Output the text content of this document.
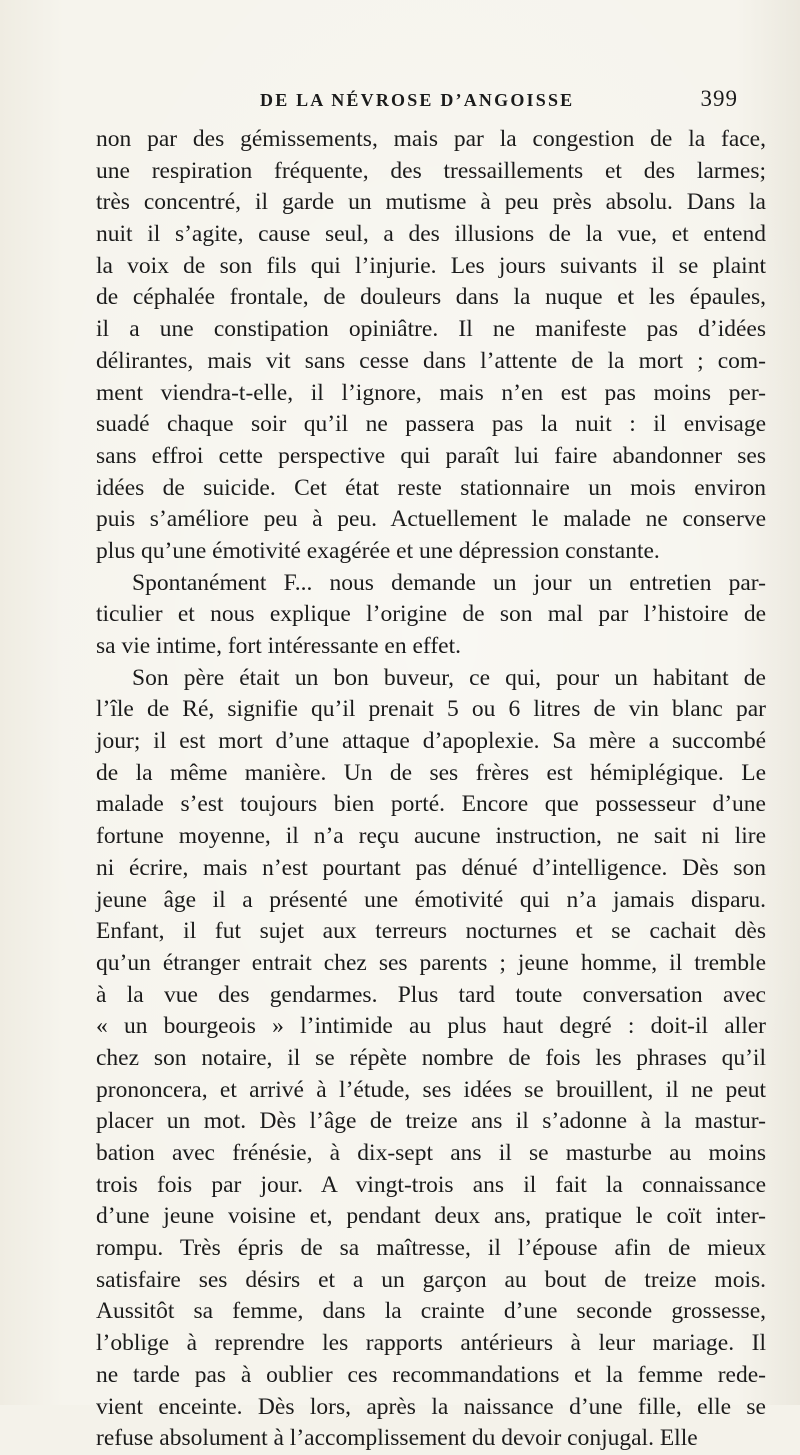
DE LA NÉVROSE D’ANGOISSE	399
non par des gémissements, mais par la congestion de la face,
une respiration fréquente, des tressaillements et des larmes;
très concentré, il garde un mutisme à peu près absolu. Dans la
nuit il s’agite, cause seul, a des illusions de la vue, et entend
la voix de son fils qui l’injurie. Les jours suivants il se plaint
de céphalée frontale, de douleurs dans la nuque et les épaules,
il a une constipation opiniâtre. Il ne manifeste pas d’idées
délirantes, mais vit sans cesse dans l’attente de la mort ; com-
ment viendra-t-elle, il l’ignore, mais n’en est pas moins per-
suadé chaque soir qu’il ne passera pas la nuit : il envisage
sans effroi cette perspective qui paraît lui faire abandonner ses
idées de suicide. Cet état reste stationnaire un mois environ
puis s’améliore peu à peu. Actuellement le malade ne conserve
plus qu’une émotivité exagérée et une dépression constante.
Spontanément F... nous demande un jour un entretien par-
ticulier et nous explique l’origine de son mal par l’histoire de
sa vie intime, fort intéressante en effet.
Son père était un bon buveur, ce qui, pour un habitant de
l’île de Ré, signifie qu’il prenait 5 ou 6 litres de vin blanc par
jour; il est mort d’une attaque d’apoplexie. Sa mère a succombé
de la même manière. Un de ses frères est hémiplégique. Le
malade s’est toujours bien porté. Encore que possesseur d’une
fortune moyenne, il n’a reçu aucune instruction, ne sait ni lire
ni écrire, mais n’est pourtant pas dénué d’intelligence. Dès son
jeune âge il a présenté une émotivité qui n’a jamais disparu.
Enfant, il fut sujet aux terreurs nocturnes et se cachait dès
qu’un étranger entrait chez ses parents ; jeune homme, il tremble
à la vue des gendarmes. Plus tard toute conversation avec
« un bourgeois » l’intimide au plus haut degré : doit-il aller
chez son notaire, il se répète nombre de fois les phrases qu’il
prononcera, et arrivé à l’étude, ses idées se brouillent, il ne peut
placer un mot. Dès l’âge de treize ans il s’adonne à la mastur-
bation avec frénésie, à dix-sept ans il se masturbe au moins
trois fois par jour. A vingt-trois ans il fait la connaissance
d’une jeune voisine et, pendant deux ans, pratique le coït inter-
rompu. Très épris de sa maîtresse, il l’épouse afin de mieux
satisfaire ses désirs et a un garçon au bout de treize mois.
Aussitôt sa femme, dans la crainte d’une seconde grossesse,
l’oblige à reprendre les rapports antérieurs à leur mariage. Il
ne tarde pas à oublier ces recommandations et la femme rede-
vient enceinte. Dès lors, après la naissance d’une fille, elle se
refuse absolument à l’accomplissement du devoir conjugal. Elle
